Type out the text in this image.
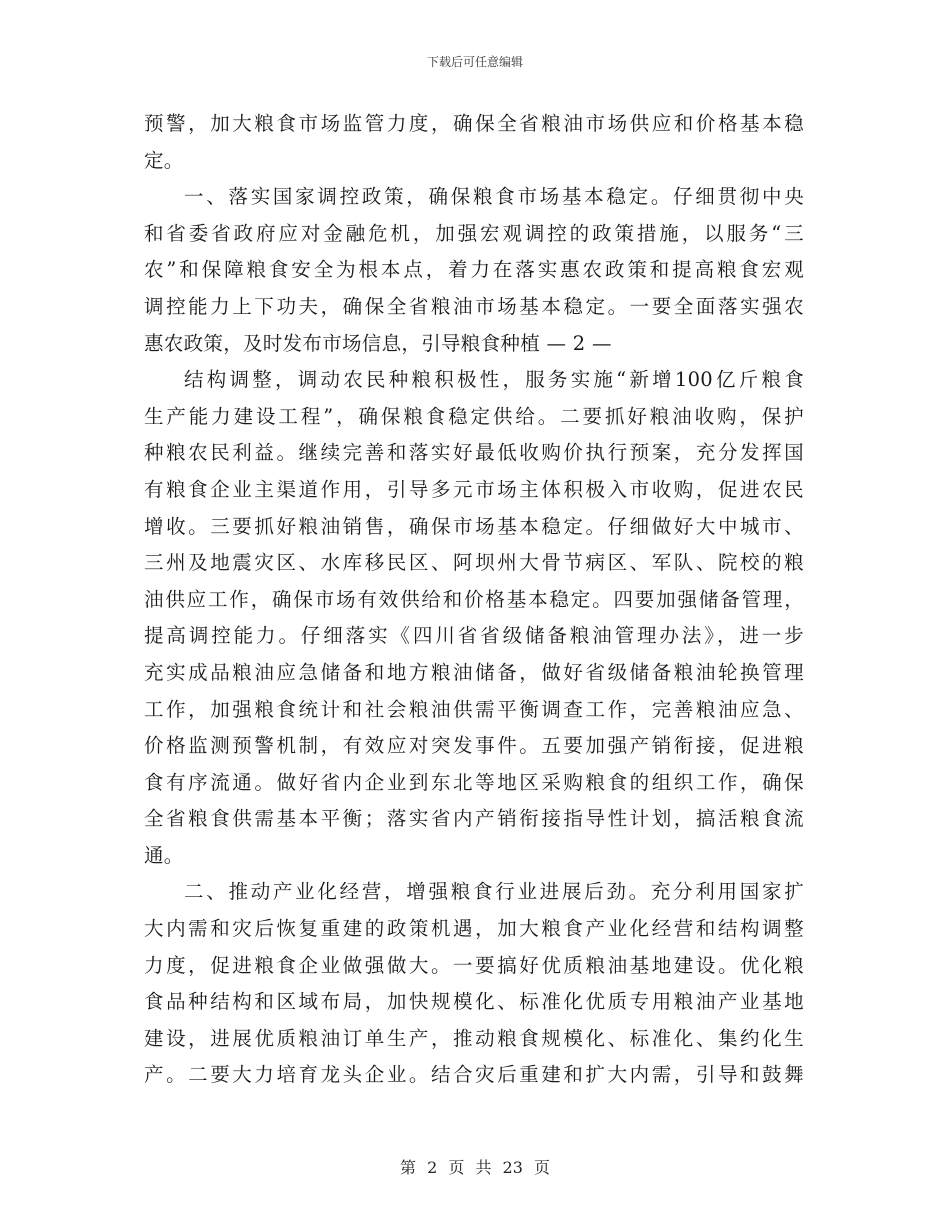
下载后可任意编辑
预警，加大粮食市场监管力度，确保全省粮油市场供应和价格基本稳
定。
一、落实国家调控政策，确保粮食市场基本稳定。仔细贯彻中央
和省委省政府应对金融危机，加强宏观调控的政策措施，以服务“三
农”和保障粮食安全为根本点，着力在落实惠农政策和提高粮食宏观
调控能力上下功夫，确保全省粮油市场基本稳定。一要全面落实强农
惠农政策，及时发布市场信息，引导粮食种植 — 2 —
结构调整，调动农民种粮积极性，服务实施“新增100亿斤粮食
生产能力建设工程”，确保粮食稳定供给。二要抓好粮油收购，保护
种粮农民利益。继续完善和落实好最低收购价执行预案，充分发挥国
有粮食企业主渠道作用，引导多元市场主体积极入市收购，促进农民
增收。三要抓好粮油销售，确保市场基本稳定。仔细做好大中城市、
三州及地震灾区、水库移民区、阿坝州大骨节病区、军队、院校的粮
油供应工作，确保市场有效供给和价格基本稳定。四要加强储备管理，
提高调控能力。仔细落实《四川省省级储备粮油管理办法》，进一步
充实成品粮油应急储备和地方粮油储备，做好省级储备粮油轮换管理
工作，加强粮食统计和社会粮油供需平衡调查工作，完善粮油应急、
价格监测预警机制，有效应对突发事件。五要加强产销衔接，促进粮
食有序流通。做好省内企业到东北等地区采购粮食的组织工作，确保
全省粮食供需基本平衡；落实省内产销衔接指导性计划，搞活粮食流
通。
二、推动产业化经营，增强粮食行业进展后劲。充分利用国家扩
大内需和灾后恢复重建的政策机遇，加大粮食产业化经营和结构调整
力度，促进粮食企业做强做大。一要搞好优质粮油基地建设。优化粮
食品种结构和区域布局，加快规模化、标准化优质专用粮油产业基地
建设，进展优质粮油订单生产，推动粮食规模化、标准化、集约化生
产。二要大力培育龙头企业。结合灾后重建和扩大内需，引导和鼓舞
第 2 页 共 23 页
